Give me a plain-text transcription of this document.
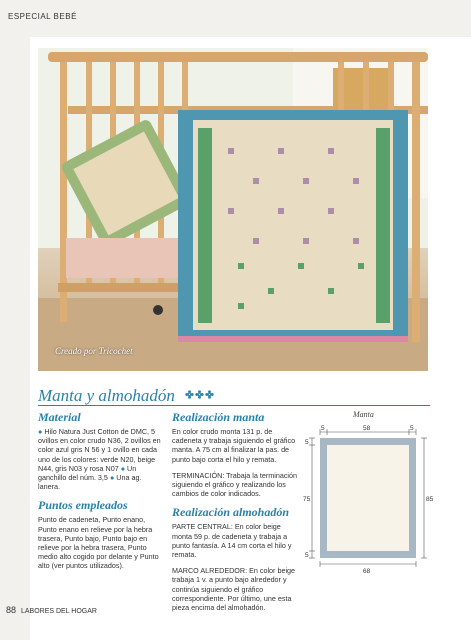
ESPECIAL BEBÉ
Creado por Tricochet
Manta y almohadón
Material

● Hilo Natura Just Cotton de DMC, 5 ovillos en color crudo N36, 2 ovillos en color azul gris N 56 y 1 ovillo en cada uno de los colores: verde N20, beige N44, gris N03 y rosa N07 ● Un ganchillo del núm. 3,5 ● Una ag. lanera.

Puntos empleados

Punto de cadeneta, Punto enano, Punto enano en relieve por la hebra trasera, Punto bajo, Punto bajo en relieve por la hebra trasera, Punto medio alto cogido por delante y Punto alto (ver puntos utilizados).

Realización manta

En color crudo monta 131 p. de cadeneta y trabaja siguiendo el gráfico manta. A 75 cm al finalizar la pas. de punto bajo corta el hilo y remata.

TERMINACIÓN: Trabaja la terminación siguiendo el gráfico y realizando los cambios de color indicados.

Realización almohadón

PARTE CENTRAL: En color beige monta 59 p. de cadeneta y trabaja a punto fantasía. A 14 cm corta el hilo y remata.

MARCO ALREDEDOR: En color beige trabaja 1 v. a punto bajo alrededor y continúa siguiendo el gráfico correspondiente. Por último, une esta pieza encima del almohadón.

Manta
5	58	5
5
75
5
85
68
88 LABORES DEL HOGAR
